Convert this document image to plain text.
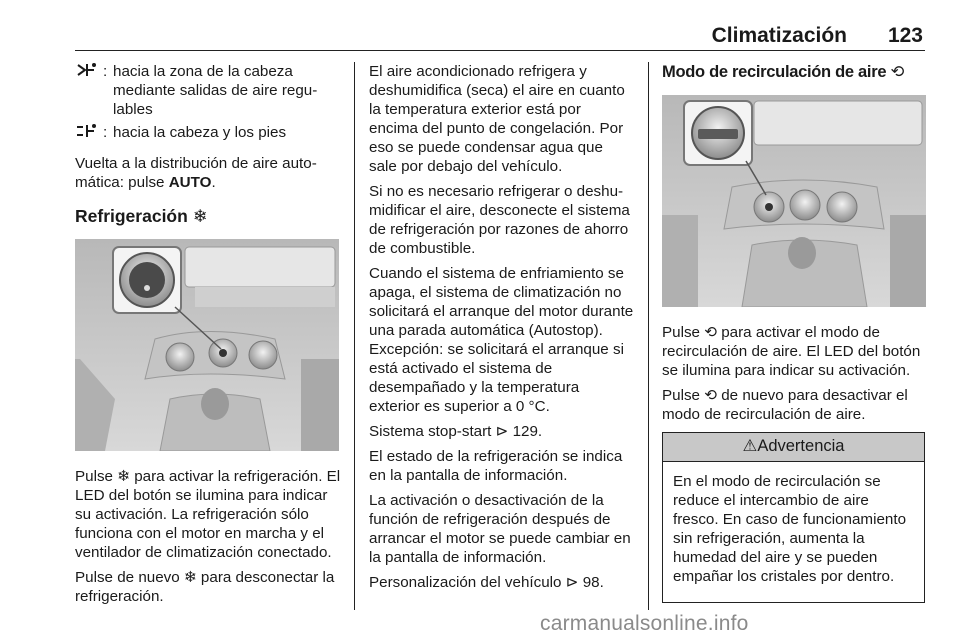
Climatización 123
: hacia la zona de la cabeza mediante salidas de aire regulables
: hacia la cabeza y los pies

Vuelta a la distribución de aire automática: pulse AUTO.

Refrigeración ❄

Pulse ❄ para activar la refrigeración. El LED del botón se ilumina para indicar su activación. La refrigeración sólo funciona con el motor en marcha y el ventilador de climatización conectado.

Pulse de nuevo ❄ para desconectar la refrigeración.

El aire acondicionado refrigera y deshumidifica (seca) el aire en cuanto la temperatura exterior está por encima del punto de congelación. Por eso se puede condensar agua que sale por debajo del vehículo.

Si no es necesario refrigerar o deshumidificar el aire, desconecte el sistema de refrigeración por razones de ahorro de combustible.

Cuando el sistema de enfriamiento se apaga, el sistema de climatización no solicitará el arranque del motor durante una parada automática (Autostop). Excepción: se solicitará el arranque si está activado el sistema de desempañado y la temperatura exterior es superior a 0 °C.

Sistema stop-start ⊳ 129.

El estado de la refrigeración se indica en la pantalla de información.

La activación o desactivación de la función de refrigeración después de arrancar el motor se puede cambiar en la pantalla de información.

Personalización del vehículo ⊳ 98.

Modo de recirculación de aire ⟲

Pulse ⟲ para activar el modo de recirculación de aire. El LED del botón se ilumina para indicar su activación.

Pulse ⟲ de nuevo para desactivar el modo de recirculación de aire.

⚠Advertencia
En el modo de recirculación se reduce el intercambio de aire fresco. En caso de funcionamiento sin refrigeración, aumenta la humedad del aire y se pueden empañar los cristales por dentro.
carmanualsonline.info
